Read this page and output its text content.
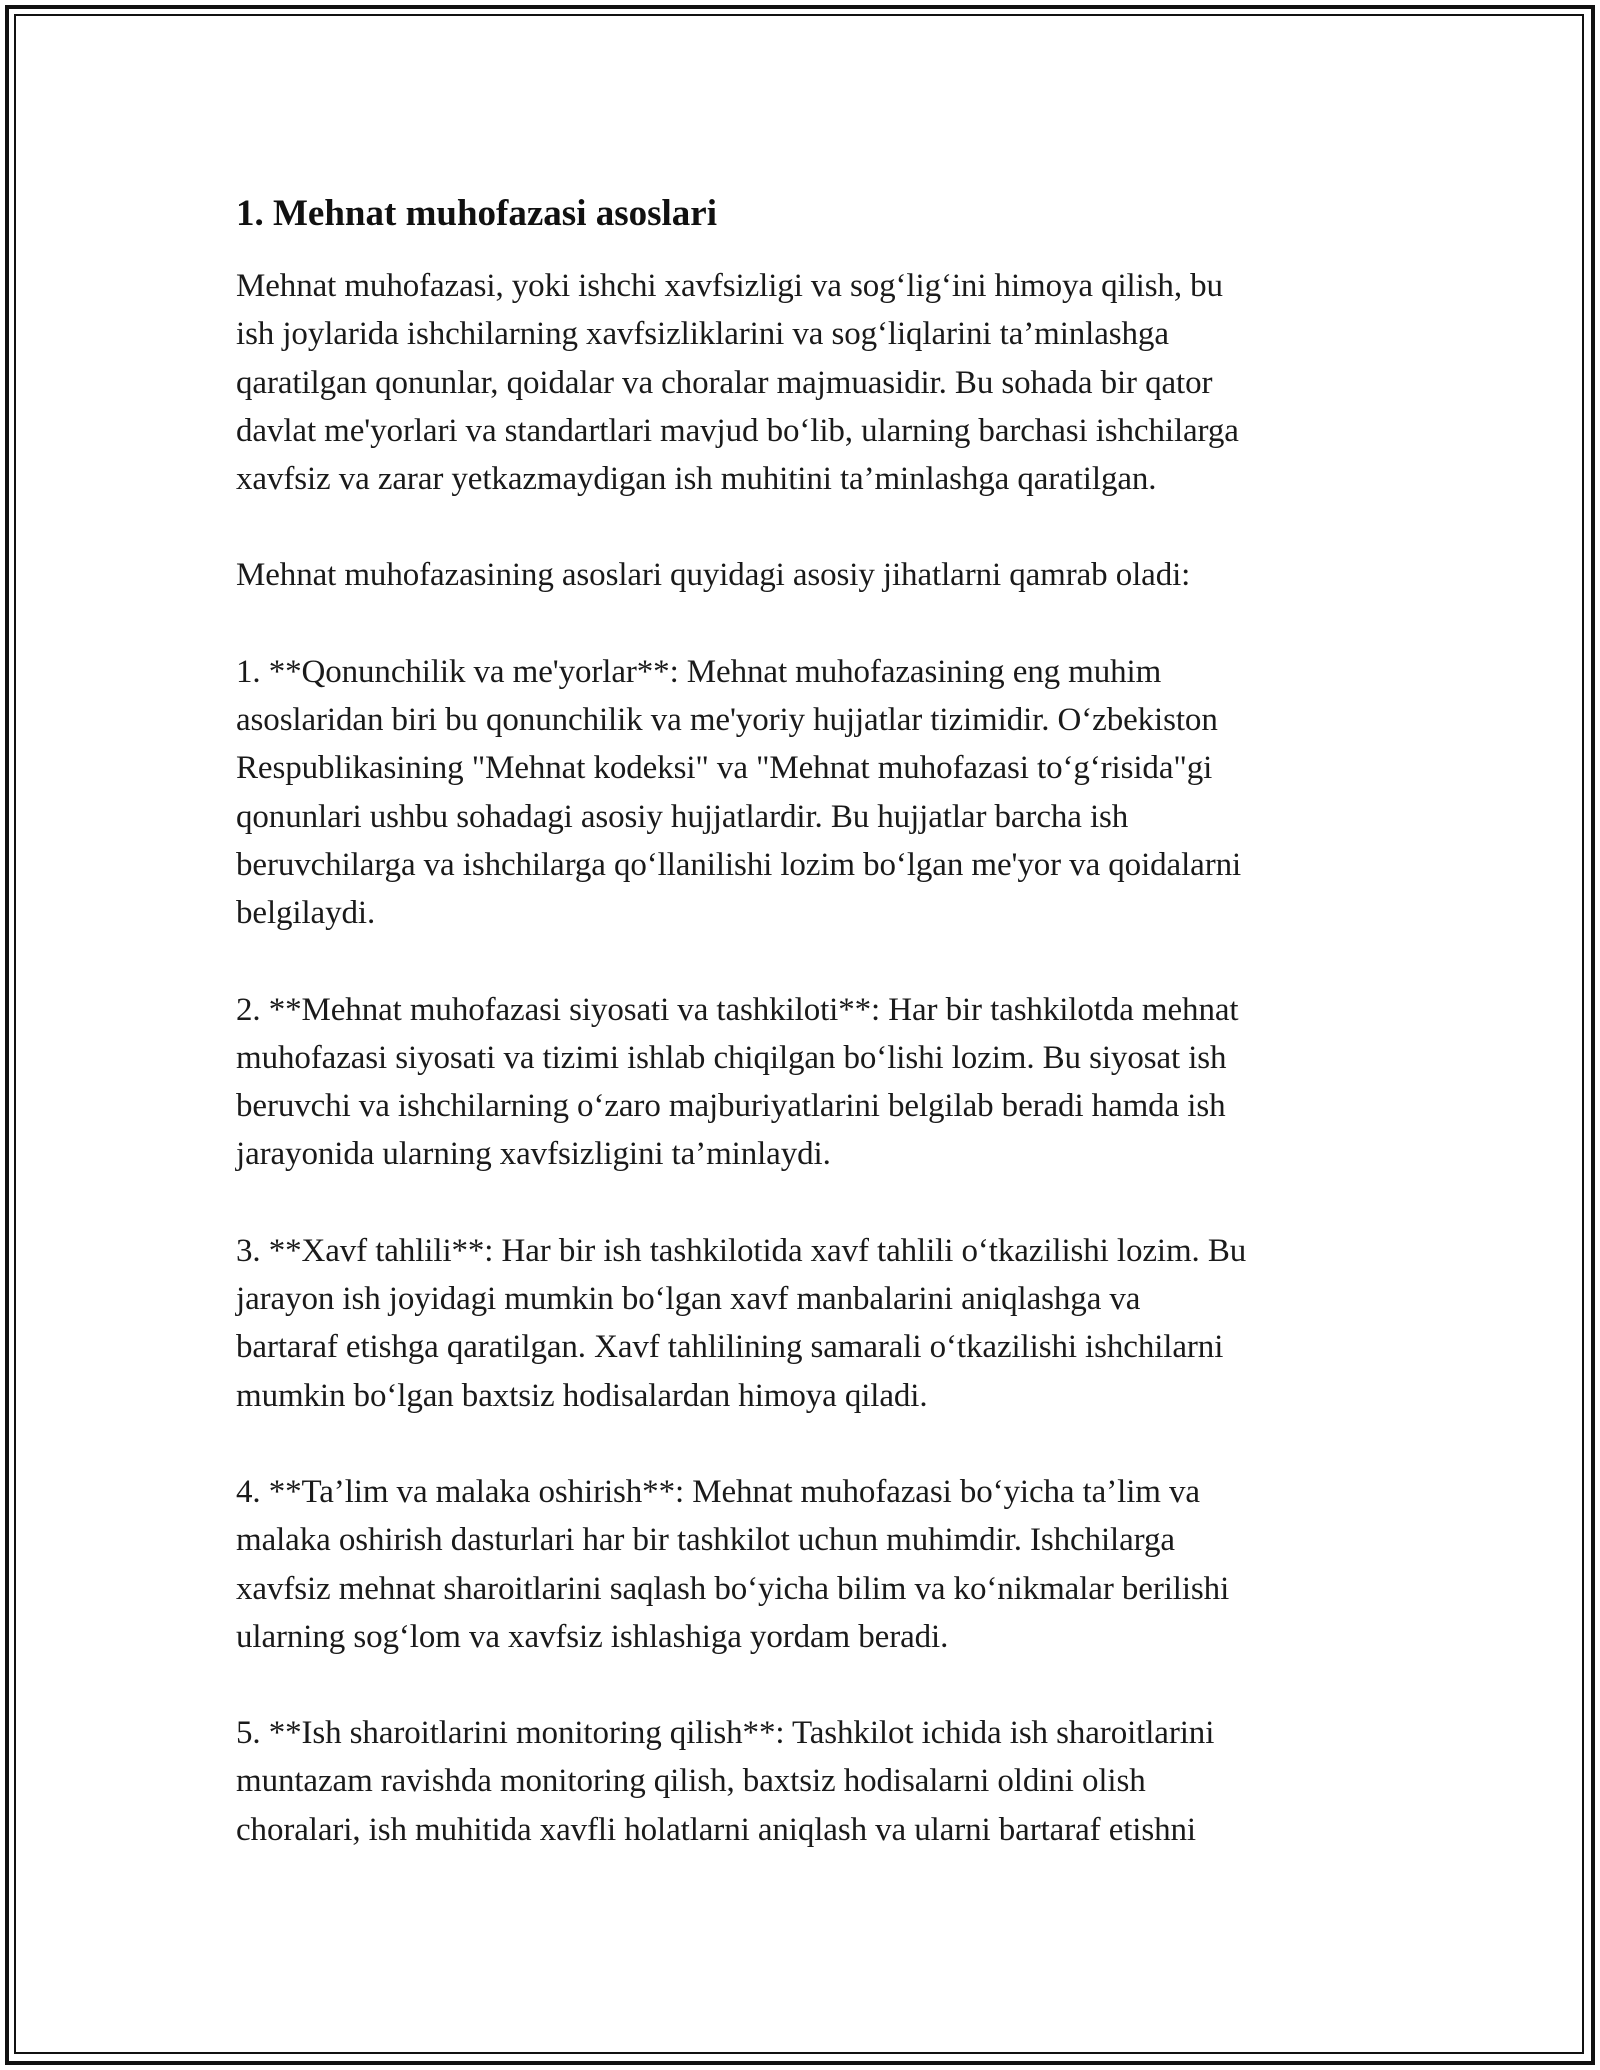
1. Mehnat muhofazasi asoslari

Mehnat muhofazasi, yoki ishchi xavfsizligi va sog‘lig‘ini himoya qilish, bu
ish joylarida ishchilarning xavfsizliklarini va sog‘liqlarini ta’minlashga
qaratilgan qonunlar, qoidalar va choralar majmuasidir. Bu sohada bir qator
davlat me'yorlari va standartlari mavjud bo‘lib, ularning barchasi ishchilarga
xavfsiz va zarar yetkazmaydigan ish muhitini ta’minlashga qaratilgan.

Mehnat muhofazasining asoslari quyidagi asosiy jihatlarni qamrab oladi:

1. **Qonunchilik va me'yorlar**: Mehnat muhofazasining eng muhim
asoslaridan biri bu qonunchilik va me'yoriy hujjatlar tizimidir. O‘zbekiston
Respublikasining "Mehnat kodeksi" va "Mehnat muhofazasi to‘g‘risida"gi
qonunlari ushbu sohadagi asosiy hujjatlardir. Bu hujjatlar barcha ish
beruvchilarga va ishchilarga qo‘llanilishi lozim bo‘lgan me'yor va qoidalarni
belgilaydi.

2. **Mehnat muhofazasi siyosati va tashkiloti**: Har bir tashkilotda mehnat
muhofazasi siyosati va tizimi ishlab chiqilgan bo‘lishi lozim. Bu siyosat ish
beruvchi va ishchilarning o‘zaro majburiyatlarini belgilab beradi hamda ish
jarayonida ularning xavfsizligini ta’minlaydi.

3. **Xavf tahlili**: Har bir ish tashkilotida xavf tahlili o‘tkazilishi lozim. Bu
jarayon ish joyidagi mumkin bo‘lgan xavf manbalarini aniqlashga va
bartaraf etishga qaratilgan. Xavf tahlilining samarali o‘tkazilishi ishchilarni
mumkin bo‘lgan baxtsiz hodisalardan himoya qiladi.

4. **Ta’lim va malaka oshirish**: Mehnat muhofazasi bo‘yicha ta’lim va
malaka oshirish dasturlari har bir tashkilot uchun muhimdir. Ishchilarga
xavfsiz mehnat sharoitlarini saqlash bo‘yicha bilim va ko‘nikmalar berilishi
ularning sog‘lom va xavfsiz ishlashiga yordam beradi.

5. **Ish sharoitlarini monitoring qilish**: Tashkilot ichida ish sharoitlarini
muntazam ravishda monitoring qilish, baxtsiz hodisalarni oldini olish
choralari, ish muhitida xavfli holatlarni aniqlash va ularni bartaraf etishni
